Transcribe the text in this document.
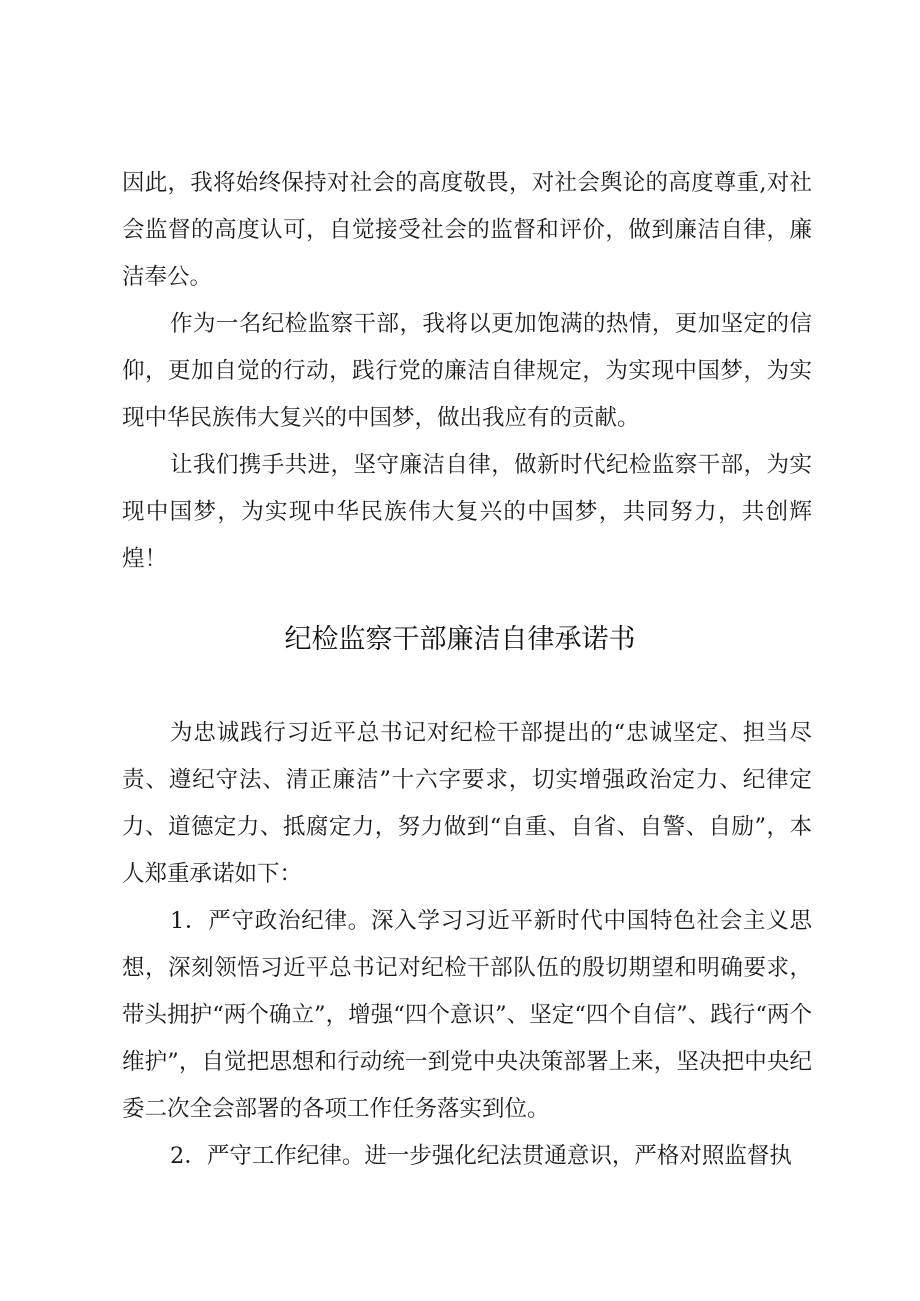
因此，我将始终保持对社会的高度敬畏，对社会舆论的高度尊重,对社会监督的高度认可，自觉接受社会的监督和评价，做到廉洁自律，廉洁奉公。

作为一名纪检监察干部，我将以更加饱满的热情，更加坚定的信仰，更加自觉的行动，践行党的廉洁自律规定，为实现中国梦，为实现中华民族伟大复兴的中国梦，做出我应有的贡献。

让我们携手共进，坚守廉洁自律，做新时代纪检监察干部，为实现中国梦，为实现中华民族伟大复兴的中国梦，共同努力，共创辉煌！

纪检监察干部廉洁自律承诺书

为忠诚践行习近平总书记对纪检干部提出的“忠诚坚定、担当尽责、遵纪守法、清正廉洁”十六字要求，切实增强政治定力、纪律定力、道德定力、抵腐定力，努力做到“自重、自省、自警、自励”，本人郑重承诺如下：

1．严守政治纪律。深入学习习近平新时代中国特色社会主义思想，深刻领悟习近平总书记对纪检干部队伍的殷切期望和明确要求，带头拥护“两个确立”，增强“四个意识”、坚定“四个自信”、践行“两个维护”，自觉把思想和行动统一到党中央决策部署上来，坚决把中央纪委二次全会部署的各项工作任务落实到位。

2．严守工作纪律。进一步强化纪法贯通意识，严格对照监督执
